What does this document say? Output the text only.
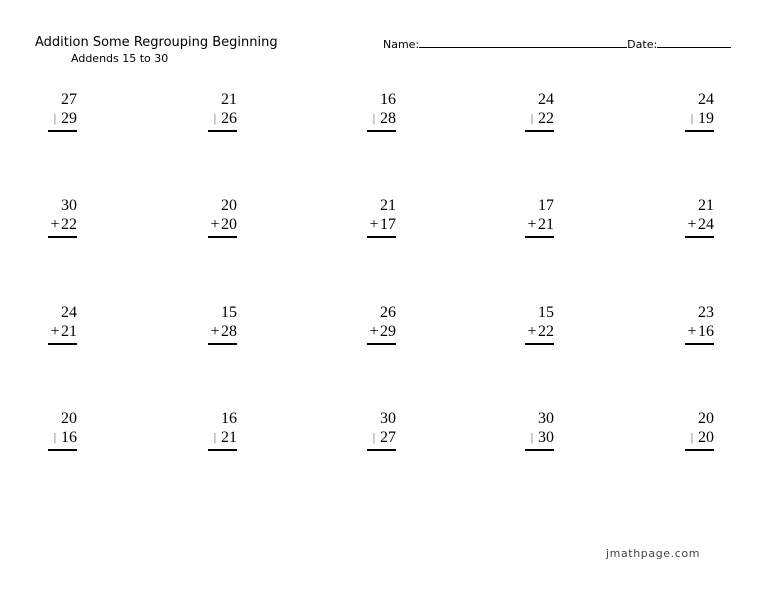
Addition Some Regrouping Beginning
Addends 15 to 30
Name:	Date:
27
| 29
21
| 26
16
| 28
24
| 22
24
| 19
30
+22
20
+20
21
+17
17
+21
21
+24
24
+21
15
+28
26
+29
15
+22
23
+16
20
| 16
16
| 21
30
| 27
30
| 30
20
| 20
jmathpage.com
